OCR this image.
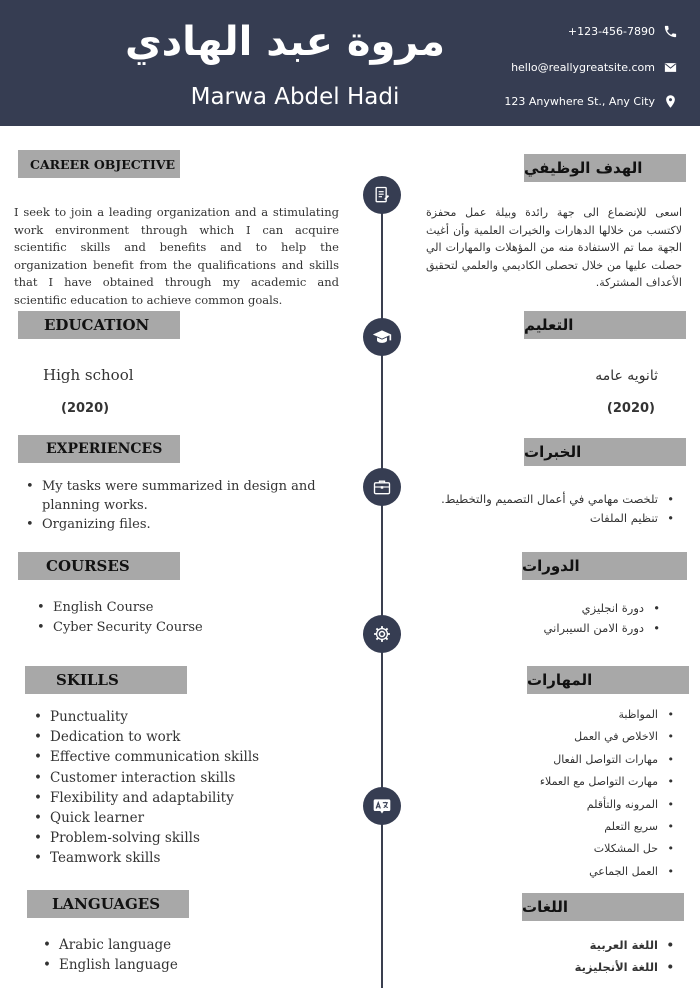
مروة عبد الهادي
Marwa Abdel Hadi
+123-456-7890
hello@reallygreatsite.com
123 Anywhere St., Any City
CAREER OBJECTIVE	الهدف الوظيفي
I seek to join a leading organization and a stimulating work environment through which I can acquire scientific skills and benefits and to help the organization benefit from the qualifications and skills that I have obtained through my academic and scientific education to achieve common goals.
اسعى للإنضماع الى جهة رائدة وبيلة عمل محفزة لاكتسب من خلالها الدهارات والخيرات العلمية وأن أغيث الجهة مما تم الاستفادة منه من المؤهلات والمهارات الي حصلت عليها من خلال تحصلى الكاديمي والعلمي لتحقيق الأعداف المشتركة.
EDUCATION	التعليم
High school
(2020)
ثانويه عامه
(2020)
EXPERIENCES	الخبرات
• My tasks were summarized in design and planning works.
• Organizing files.
• تلخصت مهامي في أعمال التصميم والتخطيط.
• تنظيم الملفات
COURSES	الدورات
• English Course
• Cyber Security Course
• دورة انجليزي
• دورة الامن السيبراني
SKILLS	المهارات
• Punctuality
• Dedication to work
• Effective communication skills
• Customer interaction skills
• Flexibility and adaptability
• Quick learner
• Problem-solving skills
• Teamwork skills
• المواظبة
• الاخلاص في العمل
• مهارات التواصل الفعال
• مهارت التواصل مع العملاء
• المرونه والتأقلم
• سريع التعلم
• حل المشكلات
• العمل الجماعي
LANGUAGES	اللغات
• Arabic language
• English language
• اللغة العربية
• اللغة الأنجليزية
